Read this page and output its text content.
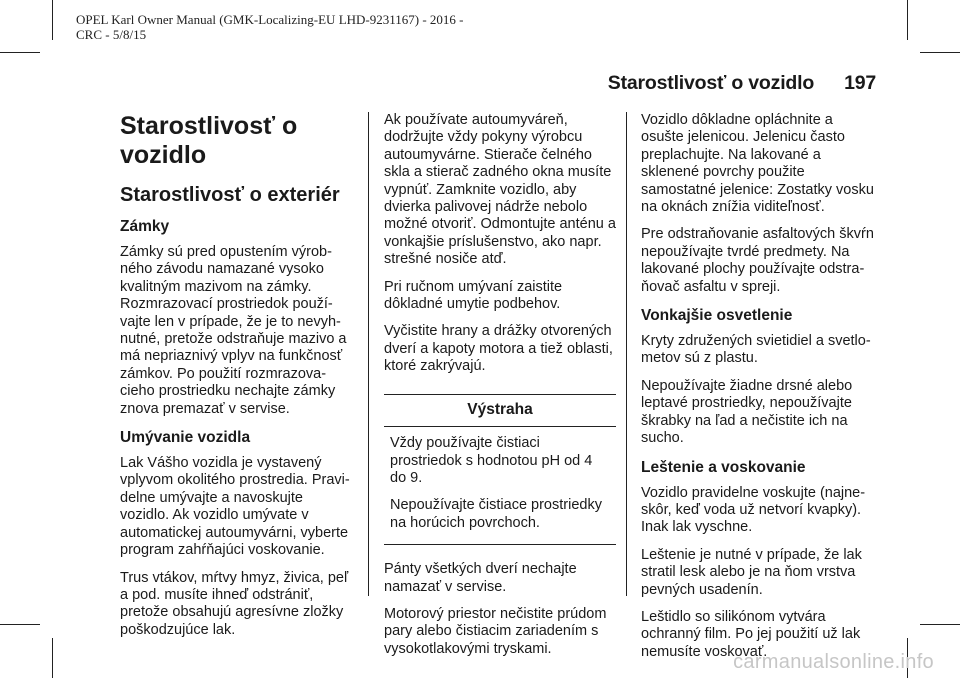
OPEL Karl Owner Manual (GMK-Localizing-EU LHD-9231167) - 2016 -
CRC - 5/8/15
Starostlivosť o vozidlo 197
Starostlivosť o vozidlo
Starostlivosť o exteriér
Zámky

Zámky sú pred opustením výrob-ného závodu namazané vysoko kvalitným mazivom na zámky. Rozmrazovací prostriedok použí-vajte len v prípade, že je to nevyh-nutné, pretože odstraňuje mazivo a má nepriaznivý vplyv na funkčnosť zámkov. Po použití rozmrazova-cieho prostriedku nechajte zámky znova premazať v servise.

Umývanie vozidla

Lak Vášho vozidla je vystavený vplyvom okolitého prostredia. Pravi-delne umývajte a navoskujte vozidlo. Ak vozidlo umývate v automatickej autoumyvárni, vyberte program zahŕňajúci voskovanie.

Trus vtákov, mŕtvy hmyz, živica, peľ a pod. musíte ihneď odstrániť, pretože obsahujú agresívne zložky poškodzujúce lak.

Ak používate autoumyváreň, dodržujte vždy pokyny výrobcu autoumyvárne. Stierače čelného skla a stierač zadného okna musíte vypnúť. Zamknite vozidlo, aby dvierka palivovej nádrže nebolo možné otvoriť. Odmontujte anténu a vonkajšie príslušenstvo, ako napr. strešné nosiče atď.

Pri ručnom umývaní zaistite dôkladné umytie podbehov.

Vyčistite hrany a drážky otvorených dverí a kapoty motora a tiež oblasti, ktoré zakrývajú.

Výstraha

Vždy používajte čistiaci prostriedok s hodnotou pH od 4 do 9.

Nepoužívajte čistiace prostriedky na horúcich povrchoch.

Pánty všetkých dverí nechajte namazať v servise.

Motorový priestor nečistite prúdom pary alebo čistiacim zariadením s vysokotlakovými tryskami.

Vozidlo dôkladne opláchnite a osušte jelenicou. Jelenicu často preplachujte. Na lakované a sklenené povrchy použite samostatné jelenice: Zostatky vosku na oknách znížia viditeľnosť.

Pre odstraňovanie asfaltových škvŕn nepoužívajte tvrdé predmety. Na lakované plochy používajte odstra-ňovač asfaltu v spreji.

Vonkajšie osvetlenie

Kryty združených svietidiel a svetlo-metov sú z plastu.

Nepoužívajte žiadne drsné alebo leptavé prostriedky, nepoužívajte škrabky na ľad a nečistite ich na sucho.

Leštenie a voskovanie

Vozidlo pravidelne voskujte (najne-skôr, keď voda už netvorí kvapky). Inak lak vyschne.

Leštenie je nutné v prípade, že lak stratil lesk alebo je na ňom vrstva pevných usadenín.

Leštidlo so silikónom vytvára ochranný film. Po jej použití už lak nemusíte voskovať.

carmanualsonline.info
